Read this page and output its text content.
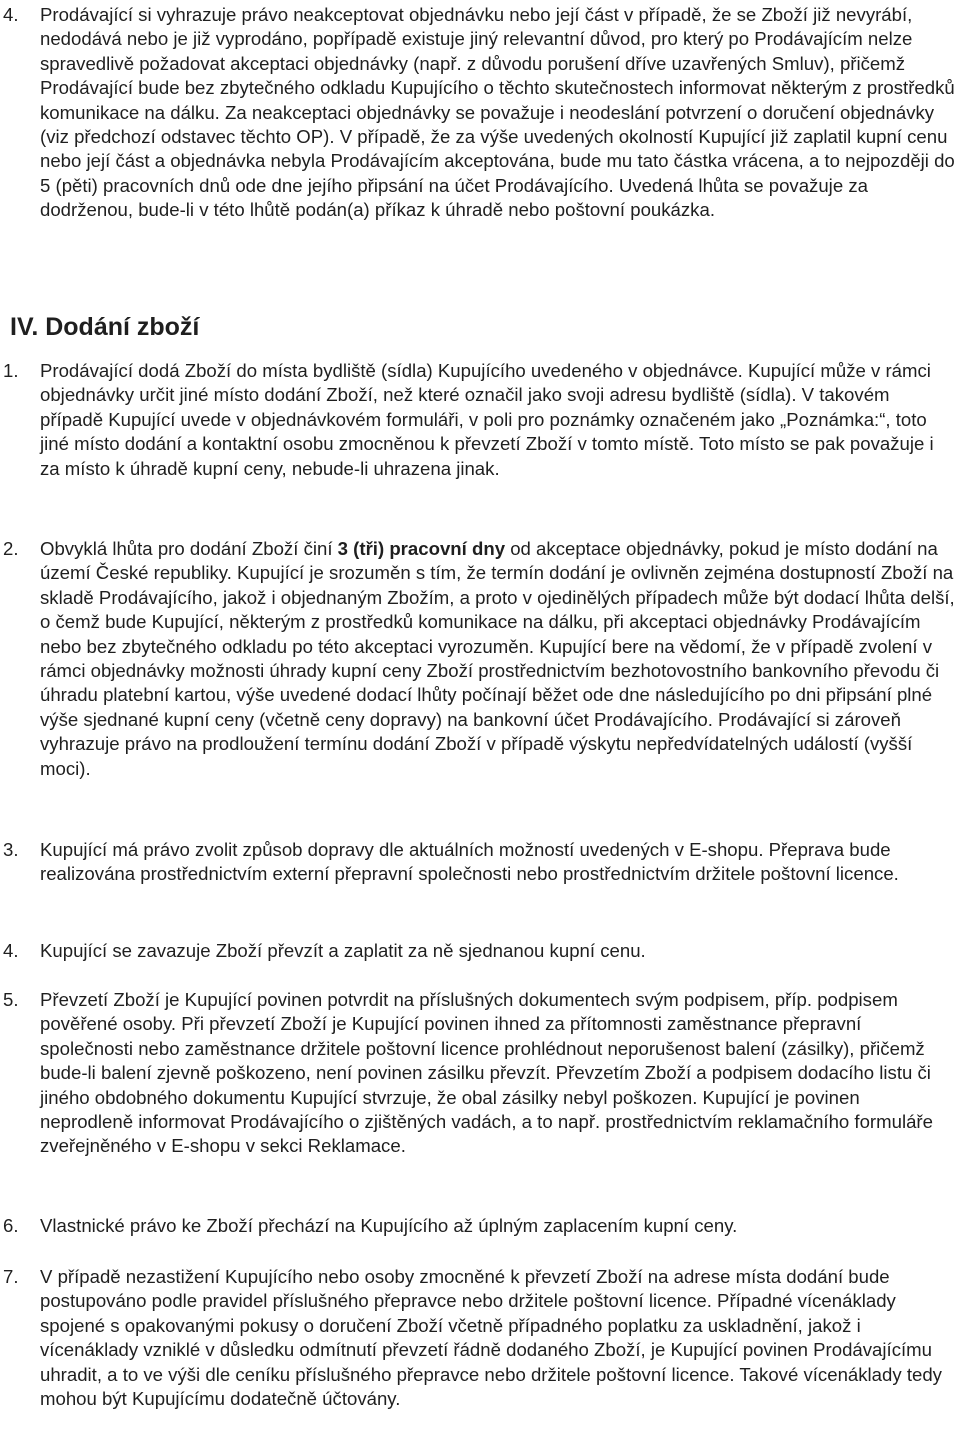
4. Prodávající si vyhrazuje právo neakceptovat objednávku nebo její část v případě, že se Zboží již nevyrábí, nedodává nebo je již vyprodáno, popřípadě existuje jiný relevantní důvod, pro který po Prodávajícím nelze spravedlivě požadovat akceptaci objednávky (např. z důvodu porušení dříve uzavřených Smluv), přičemž Prodávající bude bez zbytečného odkladu Kupujícího o těchto skutečnostech informovat některým z prostředků komunikace na dálku. Za neakceptaci objednávky se považuje i neodeslání potvrzení o doručení objednávky (viz předchozí odstavec těchto OP). V případě, že za výše uvedených okolností Kupující již zaplatil kupní cenu nebo její část a objednávka nebyla Prodávajícím akceptována, bude mu tato částka vrácena, a to nejpozději do 5 (pěti) pracovních dnů ode dne jejího připsání na účet Prodávajícího. Uvedená lhůta se považuje za dodrženou, bude-li v této lhůtě podán(a) příkaz k úhradě nebo poštovní poukázka.

IV. Dodání zboží

1. Prodávající dodá Zboží do místa bydliště (sídla) Kupujícího uvedeného v objednávce. Kupující může v rámci objednávky určit jiné místo dodání Zboží, než které označil jako svoji adresu bydliště (sídla). V takovém případě Kupující uvede v objednávkovém formuláři, v poli pro poznámky označeném jako „Poznámka:“, toto jiné místo dodání a kontaktní osobu zmocněnou k převzetí Zboží v tomto místě. Toto místo se pak považuje i za místo k úhradě kupní ceny, nebude-li uhrazena jinak.

2. Obvyklá lhůta pro dodání Zboží činí 3 (tři) pracovní dny od akceptace objednávky, pokud je místo dodání na území České republiky. Kupující je srozuměn s tím, že termín dodání je ovlivněn zejména dostupností Zboží na skladě Prodávajícího, jakož i objednaným Zbožím, a proto v ojedinělých případech může být dodací lhůta delší, o čemž bude Kupující, některým z prostředků komunikace na dálku, při akceptaci objednávky Prodávajícím nebo bez zbytečného odkladu po této akceptaci vyrozuměn. Kupující bere na vědomí, že v případě zvolení v rámci objednávky možnosti úhrady kupní ceny Zboží prostřednictvím bezhotovostního bankovního převodu či úhradu platební kartou, výše uvedené dodací lhůty počínají běžet ode dne následujícího po dni připsání plné výše sjednané kupní ceny (včetně ceny dopravy) na bankovní účet Prodávajícího. Prodávající si zároveň vyhrazuje právo na prodloužení termínu dodání Zboží v případě výskytu nepředvídatelných událostí (vyšší moci).

3. Kupující má právo zvolit způsob dopravy dle aktuálních možností uvedených v E-shopu. Přeprava bude realizována prostřednictvím externí přepravní společnosti nebo prostřednictvím držitele poštovní licence.

4. Kupující se zavazuje Zboží převzít a zaplatit za ně sjednanou kupní cenu.

5. Převzetí Zboží je Kupující povinen potvrdit na příslušných dokumentech svým podpisem, příp. podpisem pověřené osoby. Při převzetí Zboží je Kupující povinen ihned za přítomnosti zaměstnance přepravní společnosti nebo zaměstnance držitele poštovní licence prohlédnout neporušenost balení (zásilky), přičemž bude-li balení zjevně poškozeno, není povinen zásilku převzít. Převzetím Zboží a podpisem dodacího listu či jiného obdobného dokumentu Kupující stvrzuje, že obal zásilky nebyl poškozen. Kupující je povinen neprodleně informovat Prodávajícího o zjištěných vadách, a to např. prostřednictvím reklamačního formuláře zveřejněného v E-shopu v sekci Reklamace.

6. Vlastnické právo ke Zboží přechází na Kupujícího až úplným zaplacením kupní ceny.

7. V případě nezastižení Kupujícího nebo osoby zmocněné k převzetí Zboží na adrese místa dodání bude postupováno podle pravidel příslušného přepravce nebo držitele poštovní licence. Případné vícenáklady spojené s opakovanými pokusy o doručení Zboží včetně případného poplatku za uskladnění, jakož i vícenáklady vzniklé v důsledku odmítnutí převzetí řádně dodaného Zboží, je Kupující povinen Prodávajícímu uhradit, a to ve výši dle ceníku příslušného přepravce nebo držitele poštovní licence. Takové vícenáklady tedy mohou být Kupujícímu dodatečně účtovány.
